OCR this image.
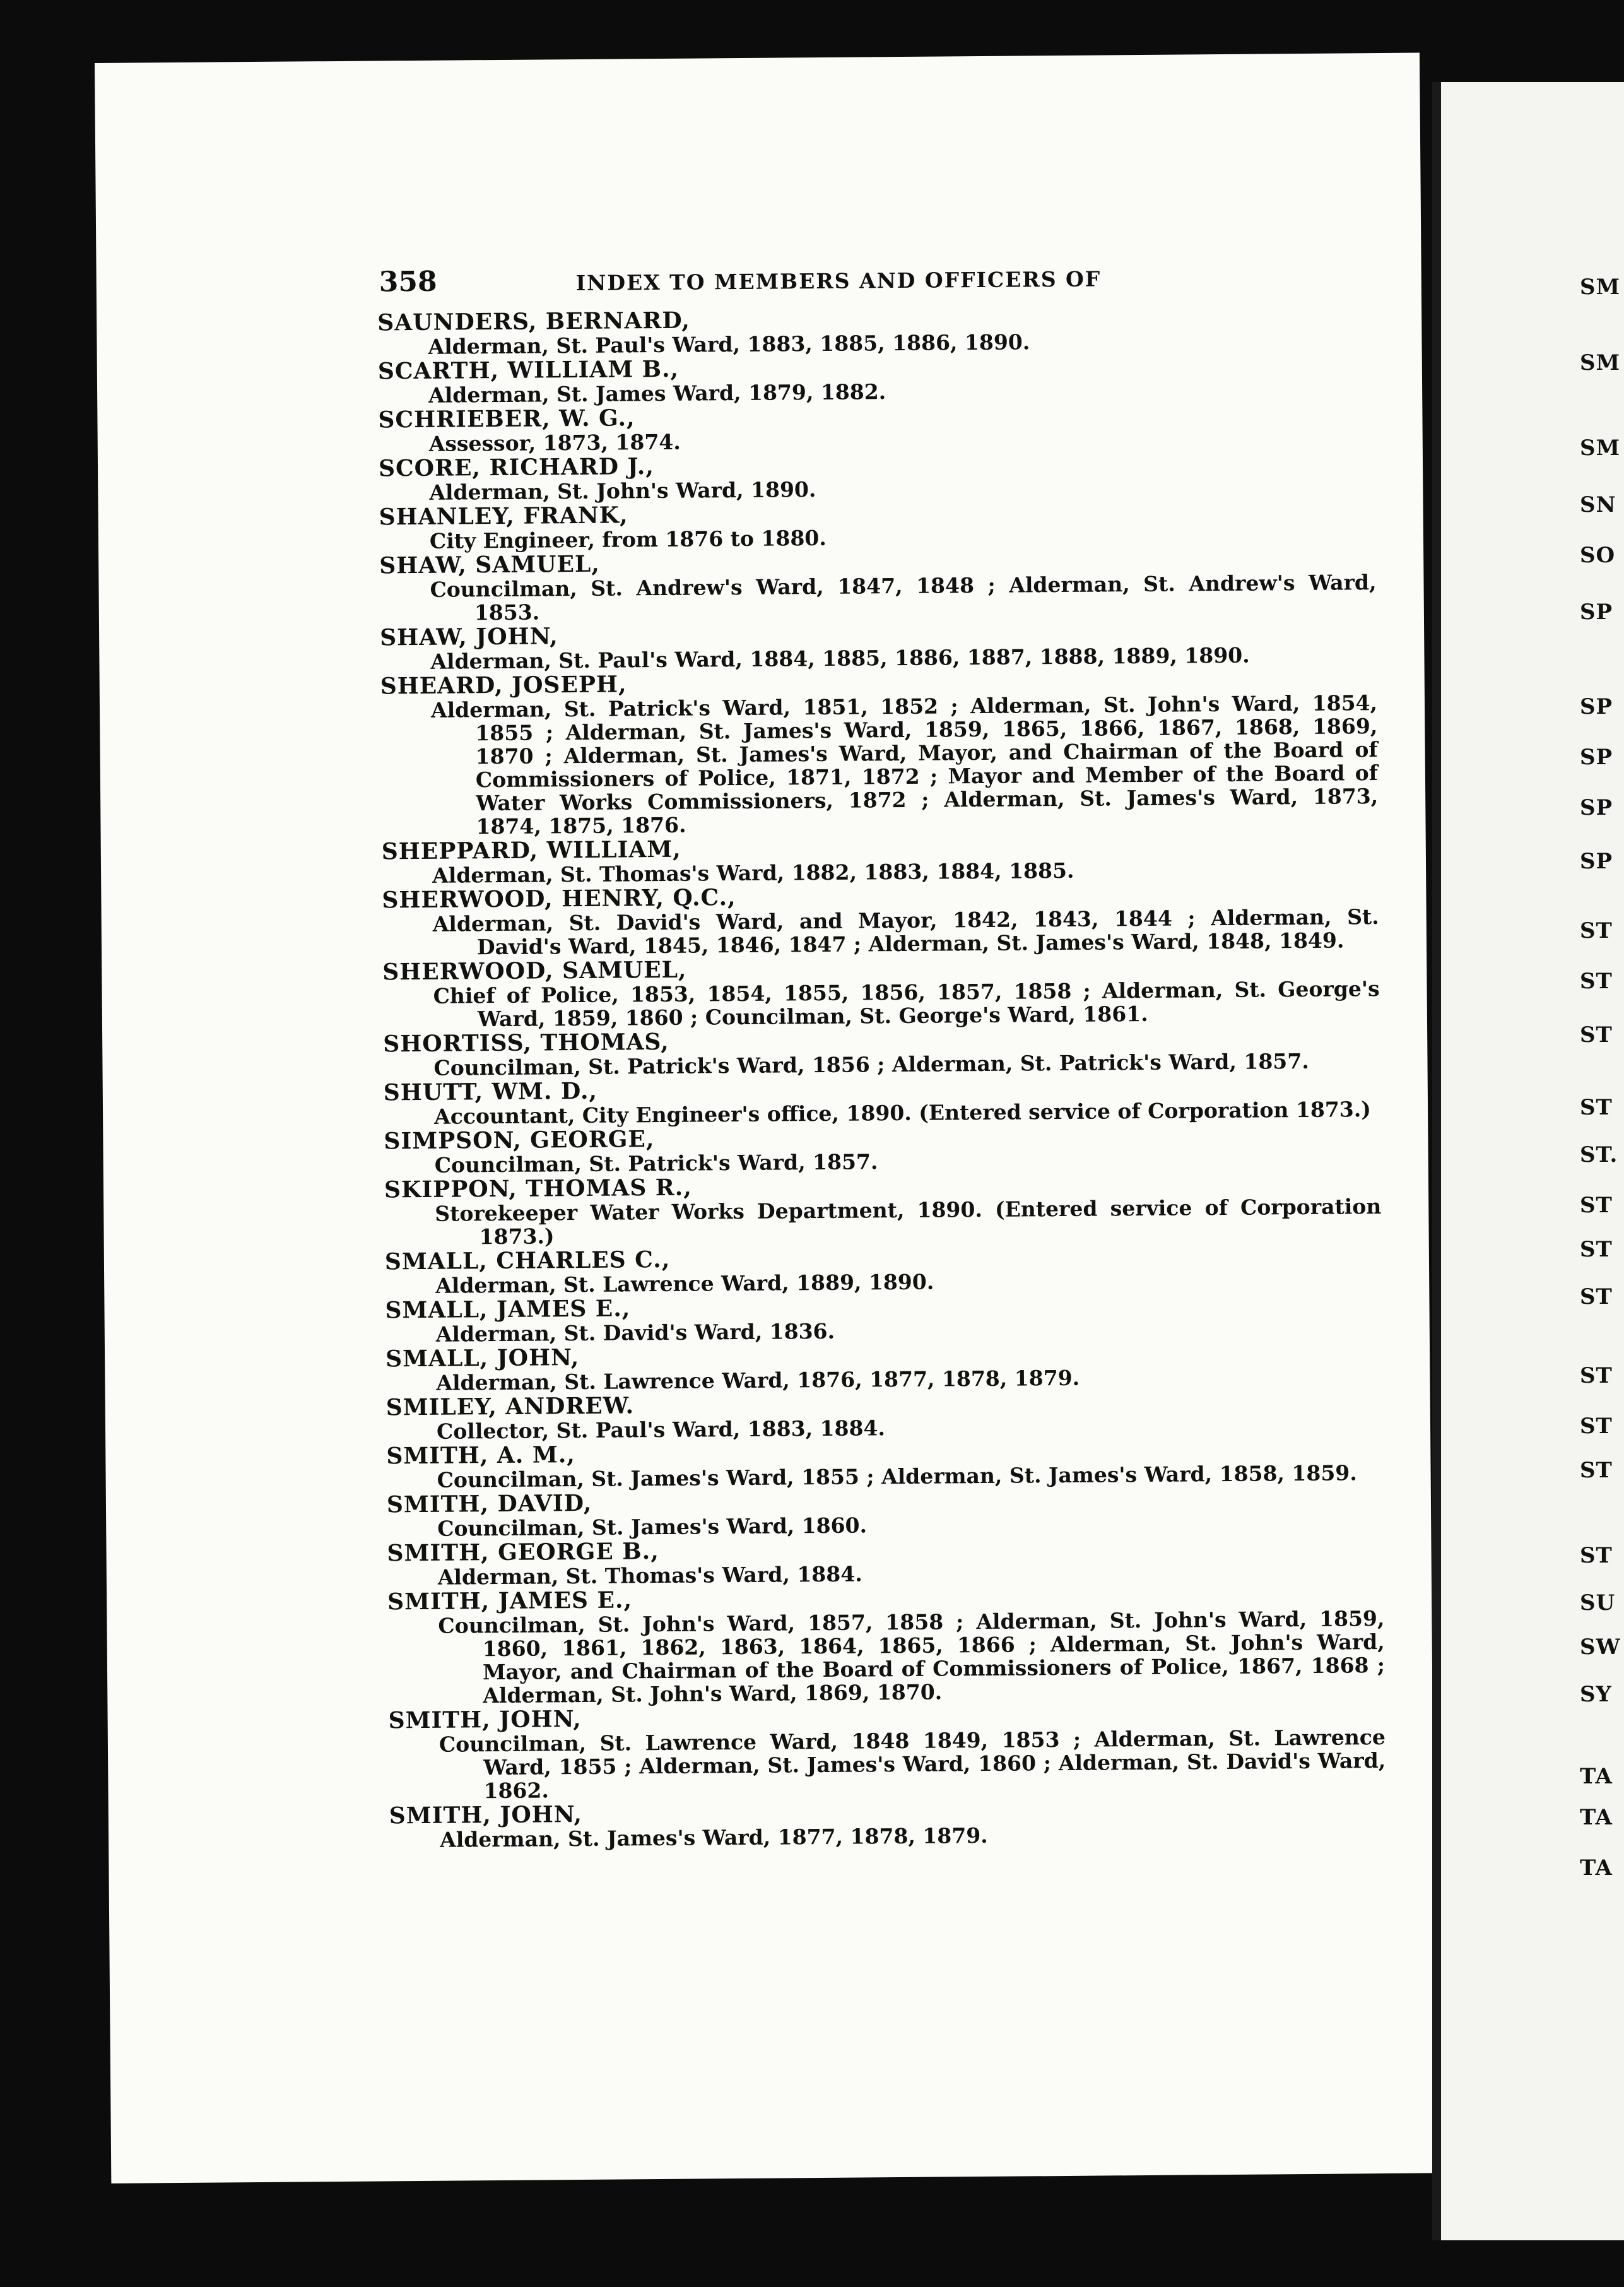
358	INDEX TO MEMBERS AND OFFICERS OF
SAUNDERS, BERNARD,
Alderman, St. Paul's Ward, 1883, 1885, 1886, 1890.
SCARTH, WILLIAM B.,
Alderman, St. James Ward, 1879, 1882.
SCHRIEBER, W. G.,
Assessor, 1873, 1874.
SCORE, RICHARD J.,
Alderman, St. John's Ward, 1890.
SHANLEY, FRANK,
City Engineer, from 1876 to 1880.
SHAW, SAMUEL,
Councilman, St. Andrew's Ward, 1847, 1848 ; Alderman, St. Andrew's Ward, 1853.
SHAW, JOHN,
Alderman, St. Paul's Ward, 1884, 1885, 1886, 1887, 1888, 1889, 1890.
SHEARD, JOSEPH,
Alderman, St. Patrick's Ward, 1851, 1852 ; Alderman, St. John's Ward, 1854, 1855 ; Alderman, St. James's Ward, 1859, 1865, 1866, 1867, 1868, 1869, 1870 ; Alderman, St. James's Ward, Mayor, and Chairman of the Board of Commissioners of Police, 1871, 1872 ; Mayor and Member of the Board of Water Works Commissioners, 1872 ; Alderman, St. James's Ward, 1873, 1874, 1875, 1876.
SHEPPARD, WILLIAM,
Alderman, St. Thomas's Ward, 1882, 1883, 1884, 1885.
SHERWOOD, HENRY, Q.C.,
Alderman, St. David's Ward, and Mayor, 1842, 1843, 1844 ; Alderman, St. David's Ward, 1845, 1846, 1847 ; Alderman, St. James's Ward, 1848, 1849.
SHERWOOD, SAMUEL,
Chief of Police, 1853, 1854, 1855, 1856, 1857, 1858 ; Alderman, St. George's Ward, 1859, 1860 ; Councilman, St. George's Ward, 1861.
SHORTISS, THOMAS,
Councilman, St. Patrick's Ward, 1856 ; Alderman, St. Patrick's Ward, 1857.
SHUTT, WM. D.,
Accountant, City Engineer's office, 1890. (Entered service of Corporation 1873.)
SIMPSON, GEORGE,
Councilman, St. Patrick's Ward, 1857.
SKIPPON, THOMAS R.,
Storekeeper Water Works Department, 1890. (Entered service of Corporation 1873.)
SMALL, CHARLES C.,
Alderman, St. Lawrence Ward, 1889, 1890.
SMALL, JAMES E.,
Alderman, St. David's Ward, 1836.
SMALL, JOHN,
Alderman, St. Lawrence Ward, 1876, 1877, 1878, 1879.
SMILEY, ANDREW.
Collector, St. Paul's Ward, 1883, 1884.
SMITH, A. M.,
Councilman, St. James's Ward, 1855 ; Alderman, St. James's Ward, 1858, 1859.
SMITH, DAVID,
Councilman, St. James's Ward, 1860.
SMITH, GEORGE B.,
Alderman, St. Thomas's Ward, 1884.
SMITH, JAMES E.,
Councilman, St. John's Ward, 1857, 1858 ; Alderman, St. John's Ward, 1859, 1860, 1861, 1862, 1863, 1864, 1865, 1866 ; Alderman, St. John's Ward, Mayor, and Chairman of the Board of Commissioners of Police, 1867, 1868 ; Alderman, St. John's Ward, 1869, 1870.
SMITH, JOHN,
Councilman, St. Lawrence Ward, 1848 1849, 1853 ; Alderman, St. Lawrence Ward, 1855 ; Alderman, St. James's Ward, 1860 ; Alderman, St. David's Ward, 1862.
SMITH, JOHN,
Alderman, St. James's Ward, 1877, 1878, 1879.
SM
SM
SM
SN
SO
SP
SP
SP
SP
SP
ST
ST
ST
ST
ST.
ST
ST
ST
ST
ST
ST
ST
SU
SW
SY
TA
TA
TA
